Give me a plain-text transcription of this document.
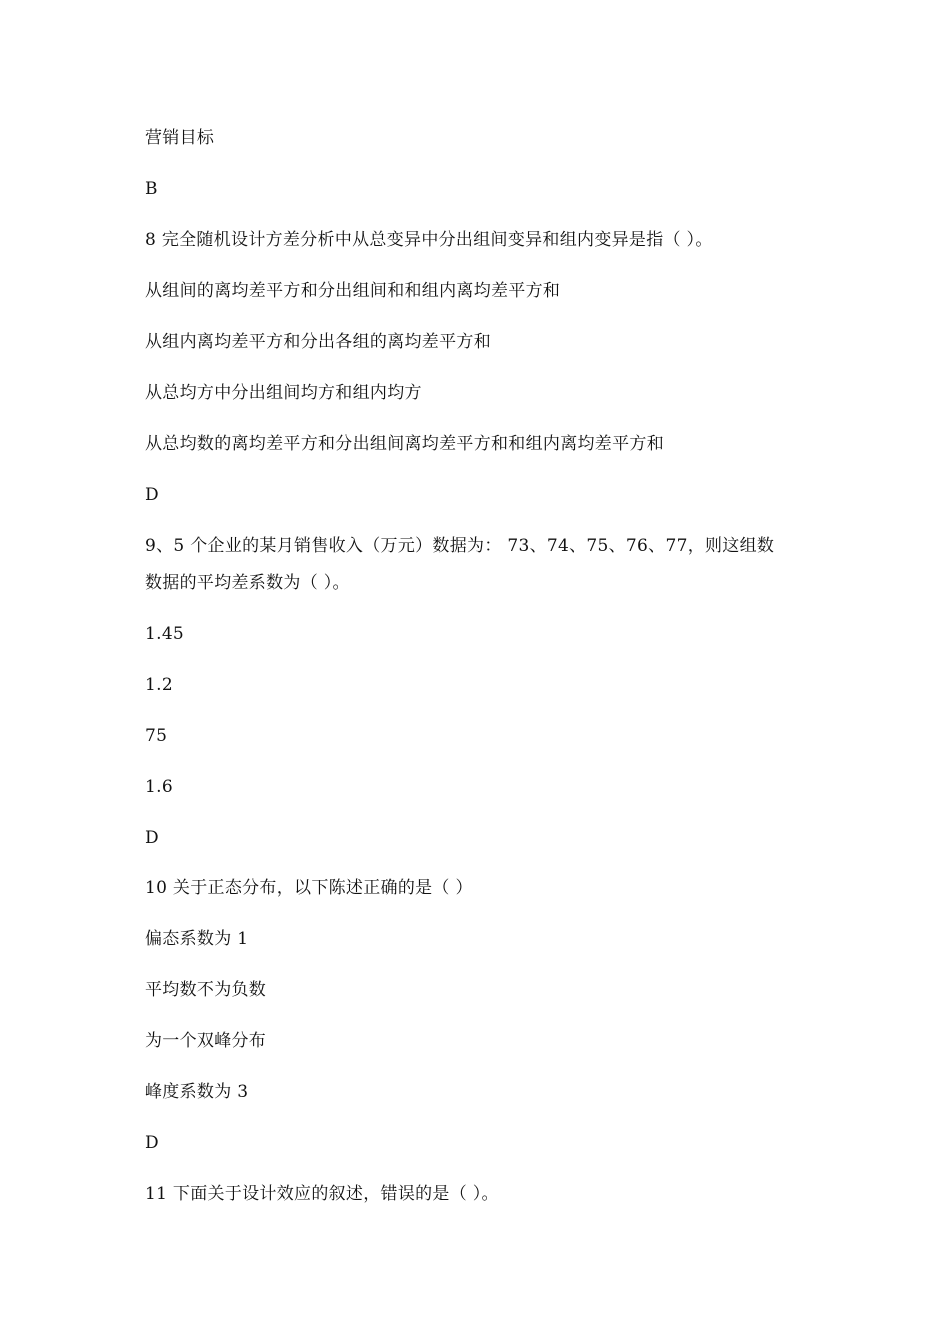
营销目标
B
8 完全随机设计方差分析中从总变异中分出组间变异和组内变异是指（ ）。
从组间的离均差平方和分出组间和和组内离均差平方和
从组内离均差平方和分出各组的离均差平方和
从总均方中分出组间均方和组内均方
从总均数的离均差平方和分出组间离均差平方和和组内离均差平方和
D
9、5 个企业的某月销售收入（万元）数据为： 73、74、75、76、77，则这组数
数据的平均差系数为（ ）。
1.45
1.2
75
1.6
D
10 关于正态分布，以下陈述正确的是（ ）
偏态系数为 1
平均数不为负数
为一个双峰分布
峰度系数为 3
D
11 下面关于设计效应的叙述，错误的是（ ）。
